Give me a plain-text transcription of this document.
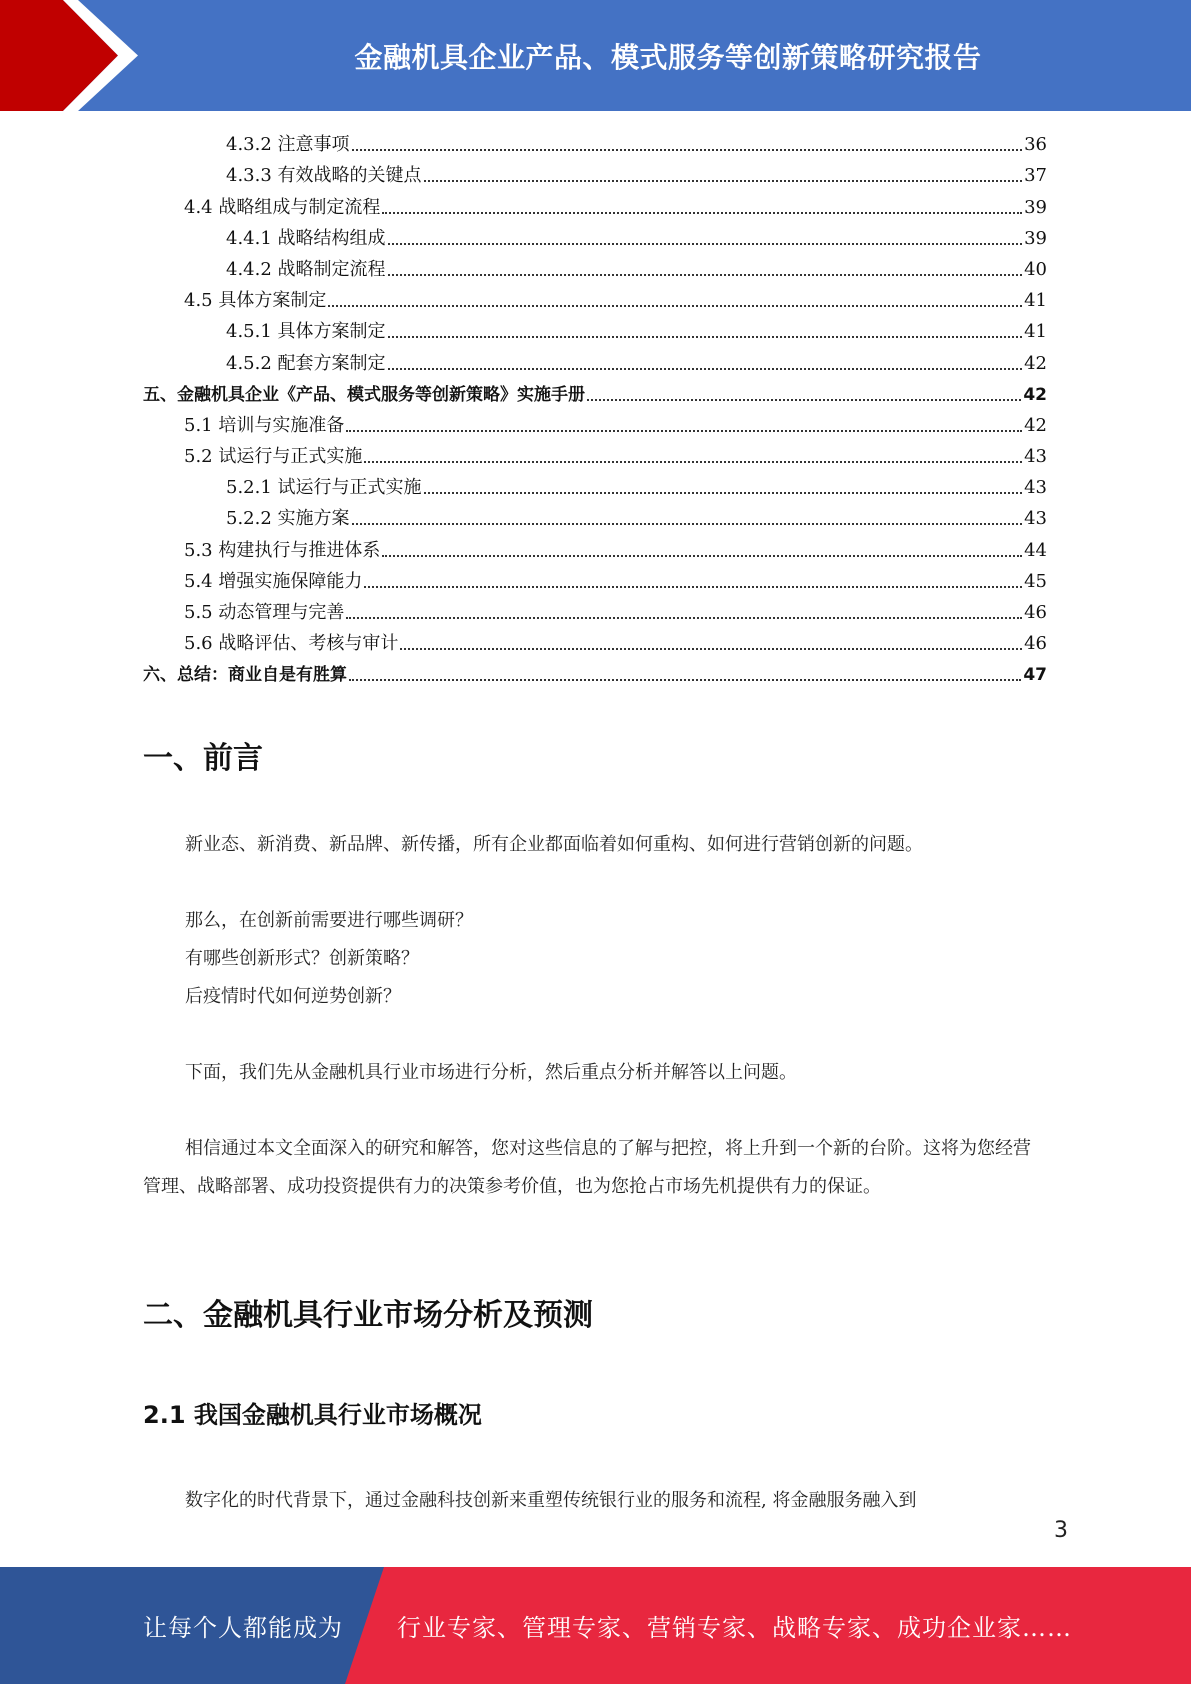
金融机具企业产品、模式服务等创新策略研究报告
4.3.2 注意事项	36
4.3.3 有效战略的关键点	37
4.4 战略组成与制定流程	39
4.4.1 战略结构组成	39
4.4.2 战略制定流程	40
4.5 具体方案制定	41
4.5.1 具体方案制定	41
4.5.2 配套方案制定	42
五、金融机具企业《产品、模式服务等创新策略》实施手册	42
5.1 培训与实施准备	42
5.2 试运行与正式实施	43
5.2.1 试运行与正式实施	43
5.2.2 实施方案	43
5.3 构建执行与推进体系	44
5.4 增强实施保障能力	45
5.5 动态管理与完善	46
5.6 战略评估、考核与审计	46
六、总结：商业自是有胜算	47
一、前言

新业态、新消费、新品牌、新传播，所有企业都面临着如何重构、如何进行营销创新的问题。

那么，在创新前需要进行哪些调研？

有哪些创新形式？创新策略？

后疫情时代如何逆势创新？

下面，我们先从金融机具行业市场进行分析，然后重点分析并解答以上问题。

相信通过本文全面深入的研究和解答，您对这些信息的了解与把控，将上升到一个新的台阶。这将为您经营管理、战略部署、成功投资提供有力的决策参考价值，也为您抢占市场先机提供有力的保证。

二、金融机具行业市场分析及预测
2.1 我国金融机具行业市场概况

数字化的时代背景下，通过金融科技创新来重塑传统银行业的服务和流程, 将金融服务融入到

3
让每个人都能成为 行业专家、管理专家、营销专家、战略专家、成功企业家……
